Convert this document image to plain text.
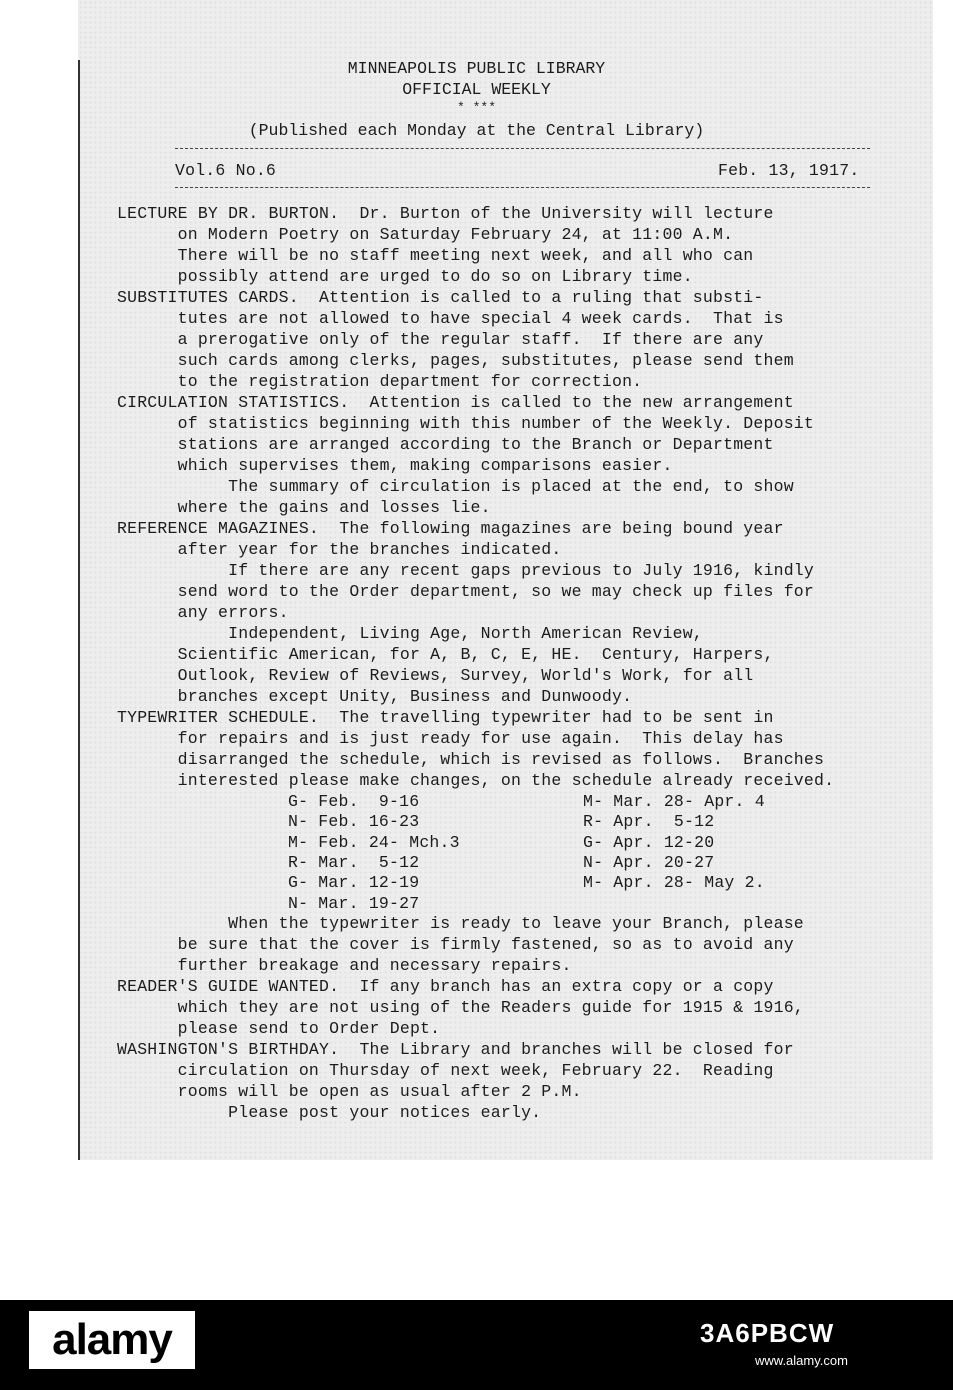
MINNEAPOLIS PUBLIC LIBRARY
OFFICIAL WEEKLY
* ***
(Published each Monday at the Central Library)
Vol.6 No.6	Feb. 13, 1917.
LECTURE BY DR. BURTON.  Dr. Burton of the University will lecture
on Modern Poetry on Saturday February 24, at 11:00 A.M.
There will be no staff meeting next week, and all who can
possibly attend are urged to do so on Library time.
SUBSTITUTES CARDS.  Attention is called to a ruling that substi-
tutes are not allowed to have special 4 week cards.  That is
a prerogative only of the regular staff.  If there are any
such cards among clerks, pages, substitutes, please send them
to the registration department for correction.
CIRCULATION STATISTICS.  Attention is called to the new arrangement
of statistics beginning with this number of the Weekly. Deposit
stations are arranged according to the Branch or Department
which supervises them, making comparisons easier.
The summary of circulation is placed at the end, to show
where the gains and losses lie.
REFERENCE MAGAZINES.  The following magazines are being bound year
after year for the branches indicated.
If there are any recent gaps previous to July 1916, kindly
send word to the Order department, so we may check up files for
any errors.
Independent, Living Age, North American Review,
Scientific American, for A, B, C, E, HE.  Century, Harpers,
Outlook, Review of Reviews, Survey, World's Work, for all
branches except Unity, Business and Dunwoody.
TYPEWRITER SCHEDULE.  The travelling typewriter had to be sent in
for repairs and is just ready for use again.  This delay has
disarranged the schedule, which is revised as follows.  Branches
interested please make changes, on the schedule already received.
G- Feb.  9-16
N- Feb. 16-23
M- Feb. 24- Mch.3
R- Mar.  5-12
G- Mar. 12-19
N- Mar. 19-27
M- Mar. 28- Apr. 4
R- Apr.  5-12
G- Apr. 12-20
N- Apr. 20-27
M- Apr. 28- May 2.
When the typewriter is ready to leave your Branch, please
be sure that the cover is firmly fastened, so as to avoid any
further breakage and necessary repairs.
READER'S GUIDE WANTED.  If any branch has an extra copy or a copy
which they are not using of the Readers guide for 1915 & 1916,
please send to Order Dept.
WASHINGTON'S BIRTHDAY.  The Library and branches will be closed for
circulation on Thursday of next week, February 22.  Reading
rooms will be open as usual after 2 P.M.
Please post your notices early.
alamy	3A6PBCW
www.alamy.com
